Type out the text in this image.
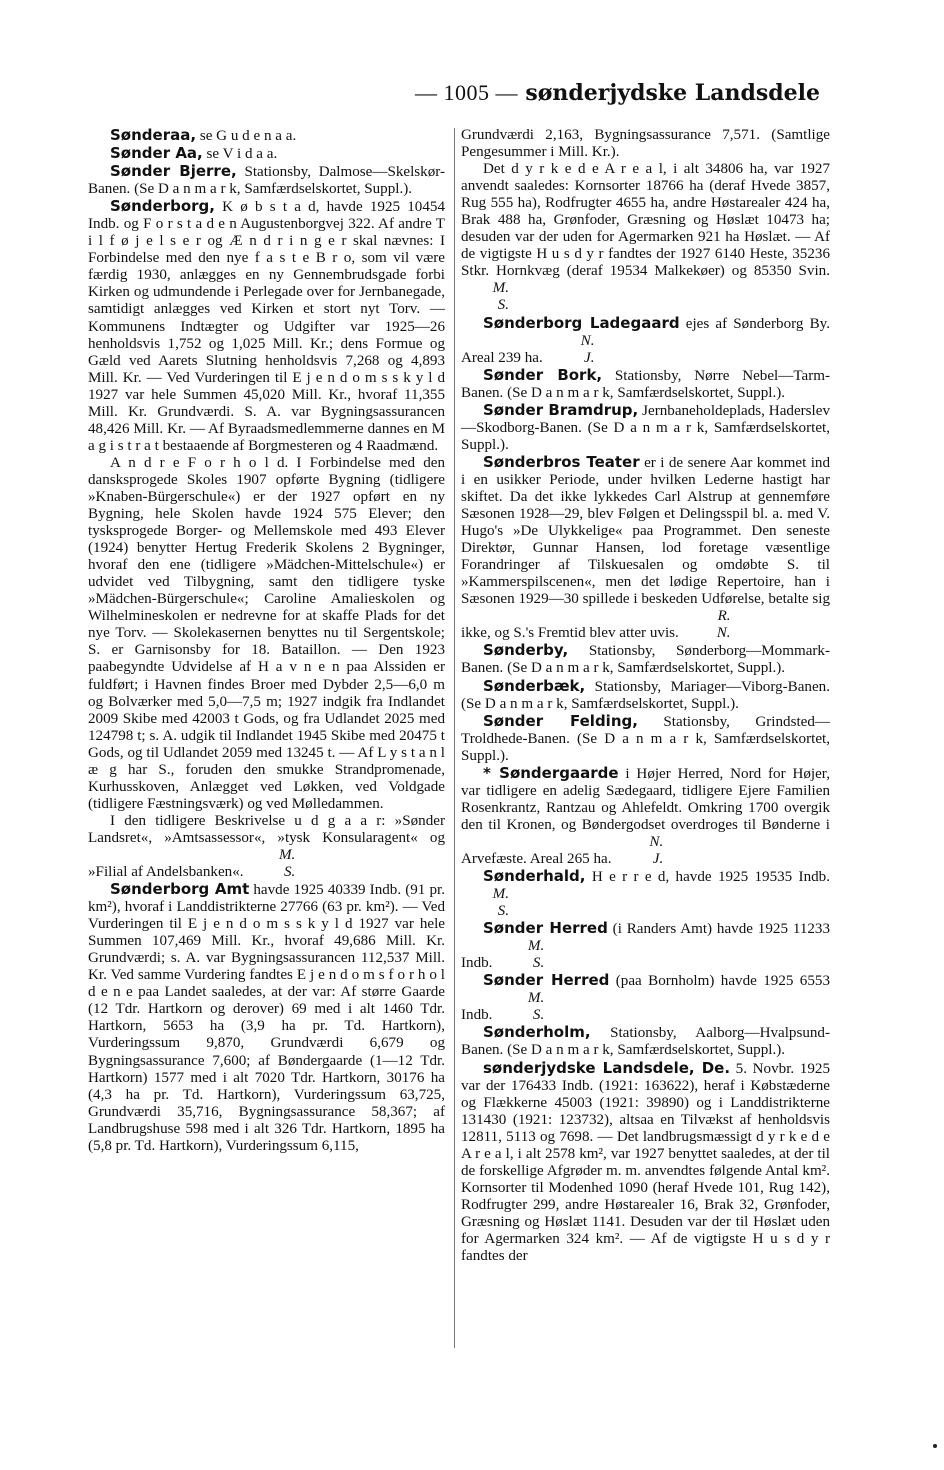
— 1005 — sønderjydske Landsdele

Sønderaa, se G u d e n a a.

Sønder Aa, se V i d a a.

Sønder Bjerre, Stationsby, Dalmose—Skelskør-Banen. (Se D a n m a r k, Samfærdselskortet, Suppl.).

Sønderborg, K ø b s t a d, havde 1925 10454 Indb. og F o r s t a d e n Augustenborgvej 322. Af andre T i l f ø j e l s e r og Æ n d r i n g e r skal nævnes: I Forbindelse med den nye f a s t e B r o, som vil være færdig 1930, anlægges en ny Gennembrudsgade forbi Kirken og udmundende i Perlegade over for Jernbanegade, samtidigt anlægges ved Kirken et stort nyt Torv. — Kommunens Indtægter og Udgifter var 1925—26 henholdsvis 1,752 og 1,025 Mill. Kr.; dens Formue og Gæld ved Aarets Slutning henholdsvis 7,268 og 4,893 Mill. Kr. — Ved Vurderingen til E j e n d o m s s k y l d 1927 var hele Summen 45,020 Mill. Kr., hvoraf 11,355 Mill. Kr. Grundværdi. S. A. var Bygningsassurancen 48,426 Mill. Kr. — Af Byraadsmedlemmerne dannes en M a g i s t r a t bestaaende af Borgmesteren og 4 Raadmænd.

A n d r e F o r h o l d. I Forbindelse med den dansksprogede Skoles 1907 opførte Bygning (tidligere »Knaben-Bürgerschule«) er der 1927 opført en ny Bygning, hele Skolen havde 1924 575 Elever; den tysksprogede Borger- og Mellemskole med 493 Elever (1924) benytter Hertug Frederik Skolens 2 Bygninger, hvoraf den ene (tidligere »Mädchen-Mittelschule«) er udvidet ved Tilbygning, samt den tidligere tyske »Mädchen-Bürgerschule«; Caroline Amalieskolen og Wilhelmineskolen er nedrevne for at skaffe Plads for det nye Torv. — Skolekasernen benyttes nu til Sergentskole; S. er Garnisonsby for 18. Bataillon. — Den 1923 paabegyndte Udvidelse af H a v n e n paa Alssiden er fuldført; i Havnen findes Broer med Dybder 2,5—6,0 m og Bolværker med 5,0—7,5 m; 1927 indgik fra Indlandet 2009 Skibe med 42003 t Gods, og fra Udlandet 2025 med 124798 t; s. A. udgik til Indlandet 1945 Skibe med 20475 t Gods, og til Udlandet 2059 med 13245 t. — Af L y s t a n l æ g har S., foruden den smukke Strandpromenade, Kurhusskoven, Anlægget ved Løkken, ved Voldgade (tidligere Fæstningsværk) og ved Mølledammen.

I den tidligere Beskrivelse u d g a a r: »Sønder Landsret«, »Amtsassessor«, »tysk Konsularagent« og »Filial af Andelsbanken«. M. S.

Sønderborg Amt havde 1925 40339 Indb. (91 pr. km²), hvoraf i Landdistrikterne 27766 (63 pr. km²). — Ved Vurderingen til E j e n d o m s s k y l d 1927 var hele Summen 107,469 Mill. Kr., hvoraf 49,686 Mill. Kr. Grundværdi; s. A. var Bygningsassurancen 112,537 Mill. Kr. Ved samme Vurdering fandtes E j e n d o m s f o r h o l d e n e paa Landet saaledes, at der var: Af større Gaarde (12 Tdr. Hartkorn og derover) 69 med i alt 1460 Tdr. Hartkorn, 5653 ha (3,9 ha pr. Td. Hartkorn), Vurderingssum 9,870, Grundværdi 6,679 og Bygningsassurance 7,600; af Bøndergaarde (1—12 Tdr. Hartkorn) 1577 med i alt 7020 Tdr. Hartkorn, 30176 ha (4,3 ha pr. Td. Hartkorn), Vurderingssum 63,725, Grundværdi 35,716, Bygningsassurance 58,367; af Landbrugshuse 598 med i alt 326 Tdr. Hartkorn, 1895 ha (5,8 pr. Td. Hartkorn), Vurderingssum 6,115,

Grundværdi 2,163, Bygningsassurance 7,571. (Samtlige Pengesummer i Mill. Kr.).

Det d y r k e d e A r e a l, i alt 34806 ha, var 1927 anvendt saaledes: Kornsorter 18766 ha (deraf Hvede 3857, Rug 555 ha), Rodfrugter 4655 ha, andre Høstarealer 424 ha, Brak 488 ha, Grønfoder, Græsning og Høslæt 10473 ha; desuden var der uden for Agermarken 921 ha Høslæt. — Af de vigtigste H u s d y r fandtes der 1927 6140 Heste, 35236 Stkr. Hornkvæg (deraf 19534 Malkekøer) og 85350 Svin. M. S.

Sønderborg Ladegaard ejes af Sønderborg By. Areal 239 ha. N. J.

Sønder Bork, Stationsby, Nørre Nebel—Tarm-Banen. (Se D a n m a r k, Samfærdselskortet, Suppl.).

Sønder Bramdrup, Jernbaneholdeplads, Haderslev—Skodborg-Banen. (Se D a n m a r k, Samfærdselskortet, Suppl.).

Sønderbros Teater er i de senere Aar kommet ind i en usikker Periode, under hvilken Lederne hastigt har skiftet. Da det ikke lykkedes Carl Alstrup at gennemføre Sæsonen 1928—29, blev Følgen et Delingsspil bl. a. med V. Hugo's »De Ulykkelige« paa Programmet. Den seneste Direktør, Gunnar Hansen, lod foretage væsentlige Forandringer af Tilskuesalen og omdøbte S. til »Kammerspilscenen«, men det lødige Repertoire, han i Sæsonen 1929—30 spillede i beskeden Udførelse, betalte sig ikke, og S.'s Fremtid blev atter uvis. R. N.

Sønderby, Stationsby, Sønderborg—Mommark-Banen. (Se D a n m a r k, Samfærdselskortet, Suppl.).

Sønderbæk, Stationsby, Mariager—Viborg-Banen. (Se D a n m a r k, Samfærdselskortet, Suppl.).

Sønder Felding, Stationsby, Grindsted—Troldhede-Banen. (Se D a n m a r k, Samfærdselskortet, Suppl.).

* Søndergaarde i Højer Herred, Nord for Højer, var tidligere en adelig Sædegaard, tidligere Ejere Familien Rosenkrantz, Rantzau og Ahlefeldt. Omkring 1700 overgik den til Kronen, og Bøndergodset overdroges til Bønderne i Arvefæste. Areal 265 ha. N. J.

Sønderhald, H e r r e d, havde 1925 19535 Indb. M. S.

Sønder Herred (i Randers Amt) havde 1925 11233 Indb. M. S.

Sønder Herred (paa Bornholm) havde 1925 6553 Indb. M. S.

Sønderholm, Stationsby, Aalborg—Hvalpsund-Banen. (Se D a n m a r k, Samfærdselskortet, Suppl.).

sønderjydske Landsdele, De. 5. Novbr. 1925 var der 176433 Indb. (1921: 163622), heraf i Købstæderne og Flækkerne 45003 (1921: 39890) og i Landdistrikterne 131430 (1921: 123732), altsaa en Tilvækst af henholdsvis 12811, 5113 og 7698. — Det landbrugsmæssigt d y r k e d e A r e a l, i alt 2578 km², var 1927 benyttet saaledes, at der til de forskellige Afgrøder m. m. anvendtes følgende Antal km². Kornsorter til Modenhed 1090 (heraf Hvede 101, Rug 142), Rodfrugter 299, andre Høstarealer 16, Brak 32, Grønfoder, Græsning og Høslæt 1141. Desuden var der til Høslæt uden for Agermarken 324 km². — Af de vigtigste H u s d y r fandtes der
